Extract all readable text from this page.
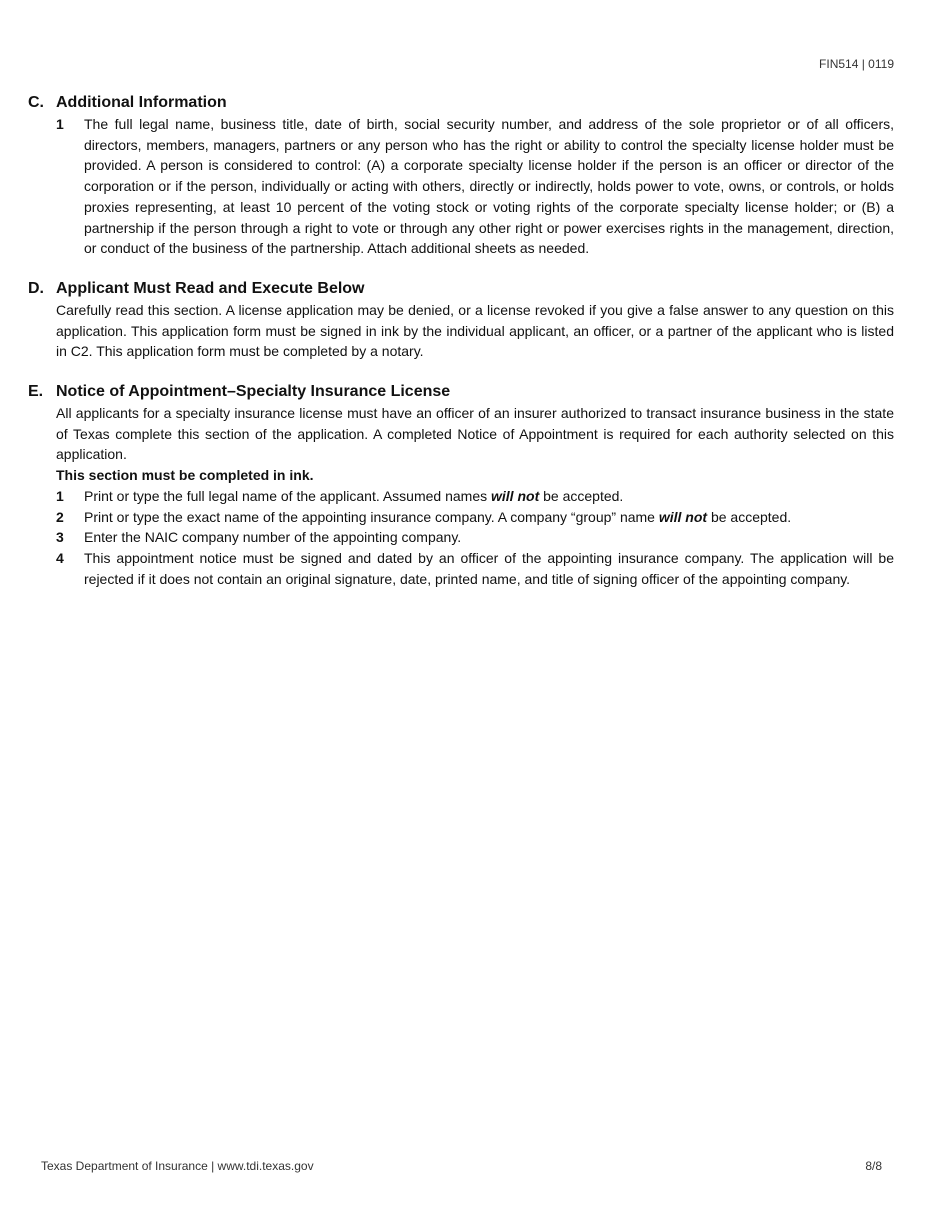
FIN514 | 0119
C. Additional Information
1	The full legal name, business title, date of birth, social security number, and address of the sole proprietor or of all officers, directors, members, managers, partners or any person who has the right or ability to control the specialty license holder must be provided. A person is considered to control: (A) a corporate specialty license holder if the person is an officer or director of the corporation or if the person, individually or acting with others, directly or indirectly, holds power to vote, owns, or controls, or holds proxies representing, at least 10 percent of the voting stock or voting rights of the corporate specialty license holder; or (B) a partnership if the person through a right to vote or through any other right or power exercises rights in the management, direction, or conduct of the business of the partnership. Attach additional sheets as needed.
D. Applicant Must Read and Execute Below
Carefully read this section. A license application may be denied, or a license revoked if you give a false answer to any question on this application. This application form must be signed in ink by the individual applicant, an officer, or a partner of the applicant who is listed in C2. This application form must be completed by a notary.
E. Notice of Appointment–Specialty Insurance License
All applicants for a specialty insurance license must have an officer of an insurer authorized to transact insurance business in the state of Texas complete this section of the application. A completed Notice of Appointment is required for each authority selected on this application.
This section must be completed in ink.
1	Print or type the full legal name of the applicant. Assumed names will not be accepted.
2	Print or type the exact name of the appointing insurance company. A company “group” name will not be accepted.
3	Enter the NAIC company number of the appointing company.
4	This appointment notice must be signed and dated by an officer of the appointing insurance company. The application will be rejected if it does not contain an original signature, date, printed name, and title of signing officer of the appointing company.
Texas Department of Insurance | www.tdi.texas.gov	8/8
